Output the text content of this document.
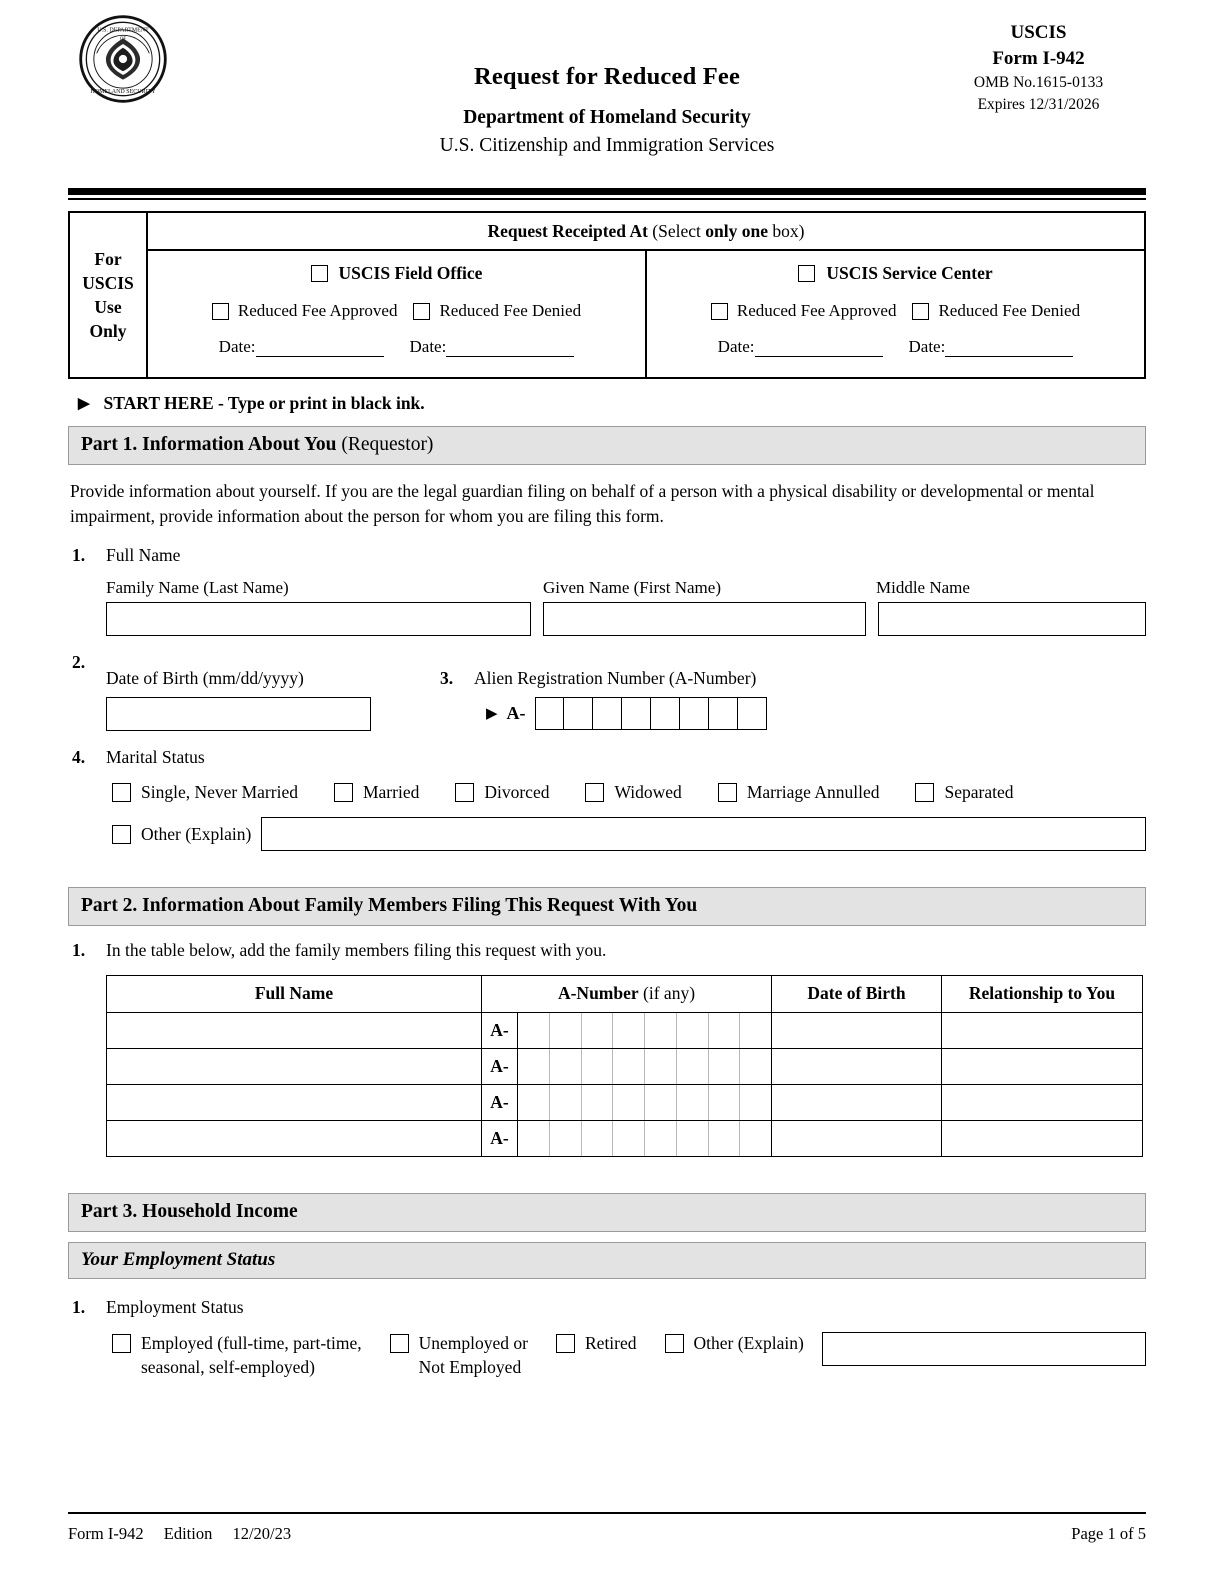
U.S. DEPARTMENT
HOMELAND SECURITY
OF
Request for Reduced Fee
Department of Homeland Security
U.S. Citizenship and Immigration Services
USCIS
Form I-942
OMB No.1615-0133
Expires 12/31/2026
For
USCIS
Use
Only
Request Receipted At (Select only one box)
USCIS Field Office
Reduced Fee Approved Reduced Fee Denied
Date:	Date:
USCIS Service Center
Reduced Fee Approved Reduced Fee Denied
Date:	Date:
▶ START HERE - Type or print in black ink.
Part 1. Information About You (Requestor)
Provide information about yourself. If you are the legal guardian filing on behalf of a person with a physical disability or developmental or mental impairment, provide information about the person for whom you are filing this form.
1.	Full Name
Family Name (Last Name)	Given Name (First Name)	Middle Name
2.
Date of Birth (mm/dd/yyyy)	3.	Alien Registration Number (A-Number)
▶ A-
4.	Marital Status
Single, Never Married	Married	Divorced	Widowed	Marriage Annulled	Separated
Other (Explain)
Part 2. Information About Family Members Filing This Request With You
1.	In the table below, add the family members filing this request with you.
Full Name	A-Number (if any)	Date of Birth	Relationship to You

A-		

A-		

A-		

A-		

Part 3. Household Income
Your Employment Status
1.	Employment Status
Employed (full-time, part-time,
seasonal, self-employed)
Unemployed or
Not Employed
Retired	Other (Explain)
Form I-942 Edition 12/20/23	Page 1 of 5
